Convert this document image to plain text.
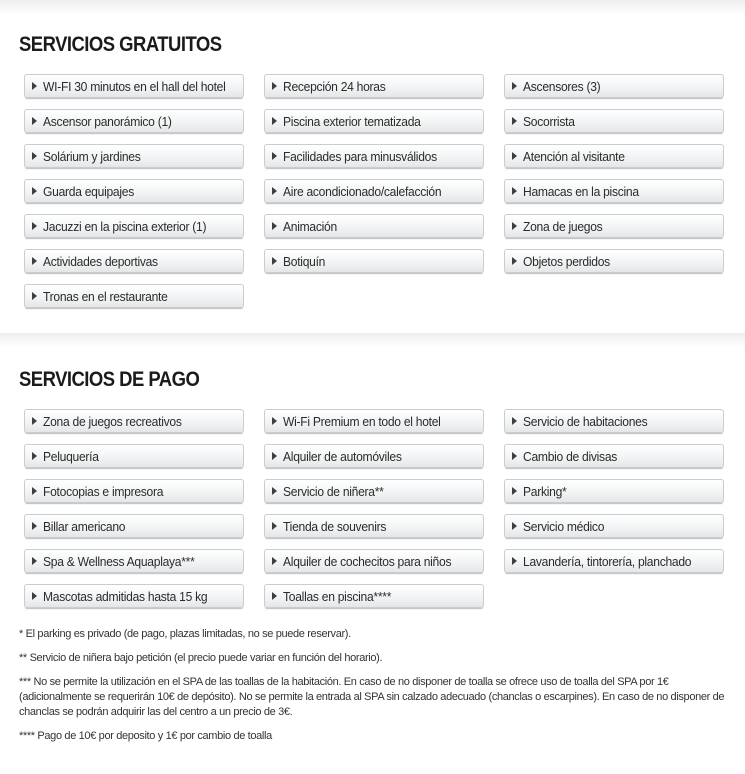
SERVICIOS GRATUITOS
WI-FI 30 minutos en el hall del hotel	Recepción 24 horas	Ascensores (3)
Ascensor panorámico (1)	Piscina exterior tematizada	Socorrista
Solárium y jardines	Facilidades para minusválidos	Atención al visitante
Guarda equipajes	Aire acondicionado/calefacción	Hamacas en la piscina
Jacuzzi en la piscina exterior (1)	Animación	Zona de juegos
Actividades deportivas	Botiquín	Objetos perdidos
Tronas en el restaurante
SERVICIOS DE PAGO
Zona de juegos recreativos	Wi-Fi Premium en todo el hotel	Servicio de habitaciones
Peluquería	Alquiler de automóviles	Cambio de divisas
Fotocopias e impresora	Servicio de niñera**	Parking*
Billar americano	Tienda de souvenirs	Servicio médico
Spa & Wellness Aquaplaya***	Alquiler de cochecitos para niños	Lavandería, tintorería, planchado
Mascotas admitidas hasta 15 kg	Toallas en piscina****

* El parking es privado (de pago, plazas limitadas, no se puede reservar).

** Servicio de niñera bajo petición (el precio puede variar en función del horario).

*** No se permite la utilización en el SPA de las toallas de la habitación. En caso de no disponer de toalla se ofrece uso de toalla del SPA por 1€ (adicionalmente se requerirán 10€ de depósito). No se permite la entrada al SPA sin calzado adecuado (chanclas o escarpines). En caso de no disponer de chanclas se podrán adquirir las del centro a un precio de 3€.

**** Pago de 10€ por deposito y 1€ por cambio de toalla
